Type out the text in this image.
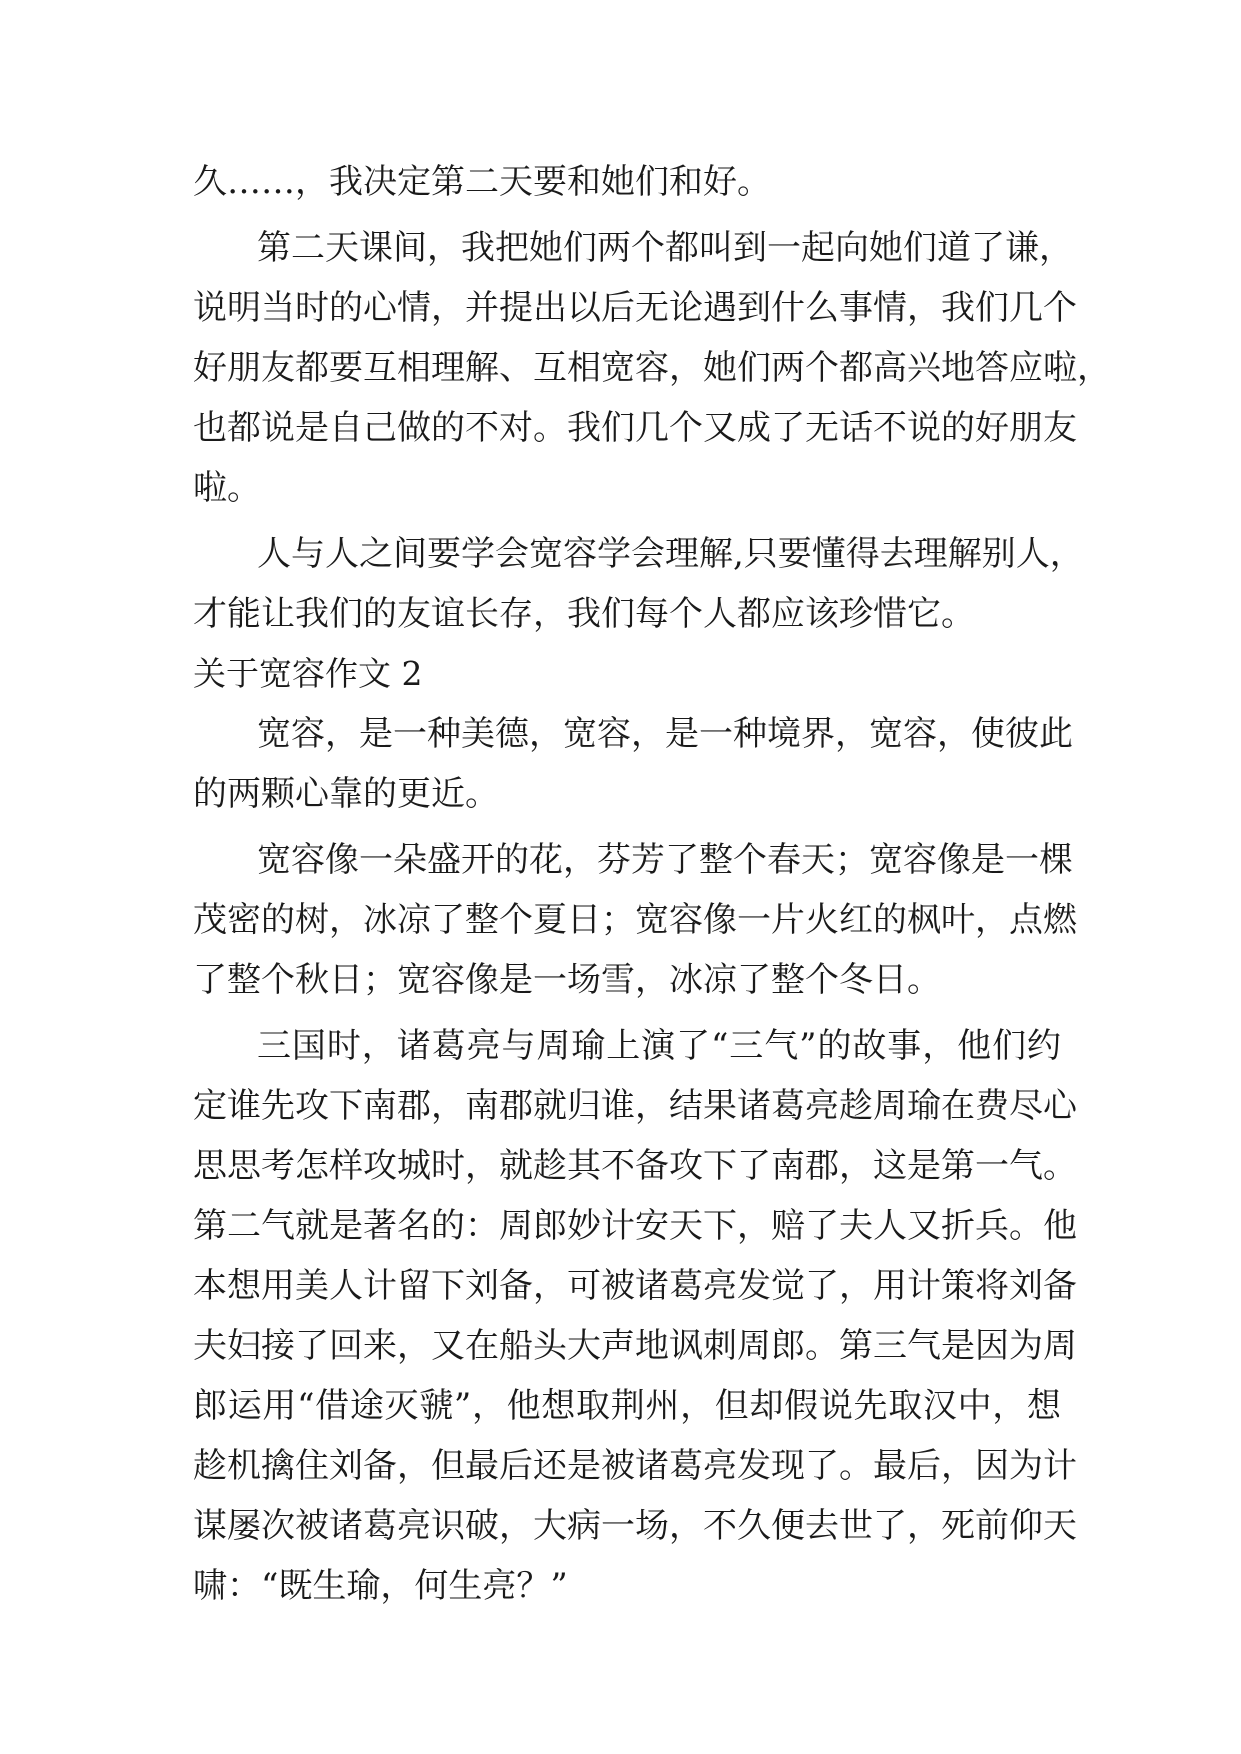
久……，我决定第二天要和她们和好。

第二天课间，我把她们两个都叫到一起向她们道了谦，

说明当时的心情，并提出以后无论遇到什么事情，我们几个

好朋友都要互相理解、互相宽容，她们两个都高兴地答应啦，

也都说是自己做的不对。我们几个又成了无话不说的好朋友

啦。

人与人之间要学会宽容学会理解,只要懂得去理解别人，

才能让我们的友谊长存，我们每个人都应该珍惜它。

关于宽容作文 2

宽容，是一种美德，宽容，是一种境界，宽容，使彼此

的两颗心靠的更近。

宽容像一朵盛开的花，芬芳了整个春天；宽容像是一棵

茂密的树，冰凉了整个夏日；宽容像一片火红的枫叶，点燃

了整个秋日；宽容像是一场雪，冰凉了整个冬日。

三国时，诸葛亮与周瑜上演了“三气”的故事，他们约

定谁先攻下南郡，南郡就归谁，结果诸葛亮趁周瑜在费尽心

思思考怎样攻城时，就趁其不备攻下了南郡，这是第一气。

第二气就是著名的：周郎妙计安天下，赔了夫人又折兵。他

本想用美人计留下刘备，可被诸葛亮发觉了，用计策将刘备

夫妇接了回来，又在船头大声地讽刺周郎。第三气是因为周

郎运用“借途灭虢”，他想取荆州，但却假说先取汉中，想

趁机擒住刘备，但最后还是被诸葛亮发现了。最后，因为计

谋屡次被诸葛亮识破，大病一场，不久便去世了，死前仰天

啸：“既生瑜，何生亮？”
